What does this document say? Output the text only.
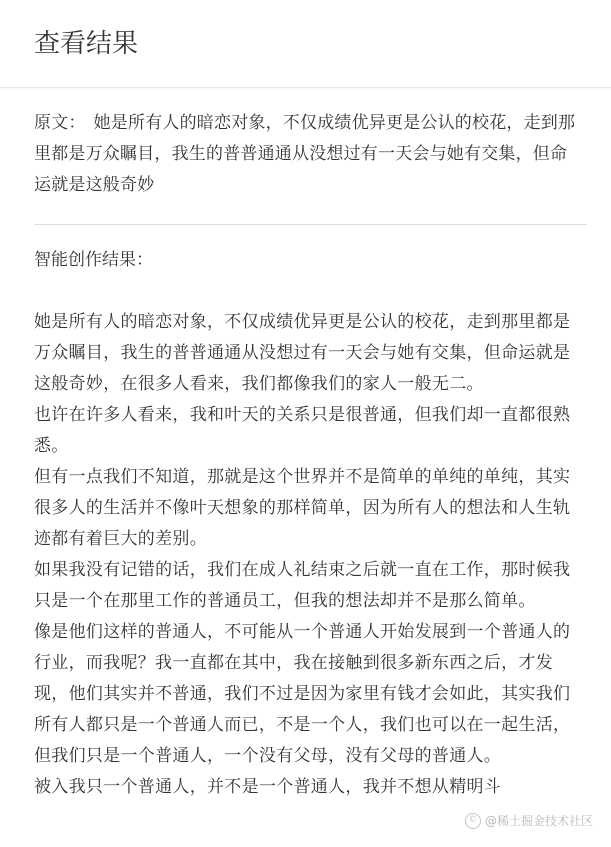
查看结果

原文： 她是所有人的暗恋对象，不仅成绩优异更是公认的校花，走到那里都是万众瞩目，我生的普普通通从没想过有一天会与她有交集，但命运就是这般奇妙

智能创作结果：

她是所有人的暗恋对象，不仅成绩优异更是公认的校花，走到那里都是万众瞩目，我生的普普通通从没想过有一天会与她有交集，但命运就是这般奇妙，在很多人看来，我们都像我们的家人一般无二。

也许在许多人看来，我和叶天的关系只是很普通，但我们却一直都很熟悉。

但有一点我们不知道，那就是这个世界并不是简单的单纯的单纯，其实很多人的生活并不像叶天想象的那样简单，因为所有人的想法和人生轨迹都有着巨大的差别。

如果我没有记错的话，我们在成人礼结束之后就一直在工作，那时候我只是一个在那里工作的普通员工，但我的想法却并不是那么简单。

像是他们这样的普通人，不可能从一个普通人开始发展到一个普通人的行业，而我呢？我一直都在其中，我在接触到很多新东西之后，才发现，他们其实并不普通，我们不过是因为家里有钱才会如此，其实我们所有人都只是一个普通人而已，不是一个人，我们也可以在一起生活，但我们只是一个普通人，一个没有父母，没有父母的普通人。

被入我只一个普通人，并不是一个普通人，我并不想从精明斗

© @稀土掘金技术社区
